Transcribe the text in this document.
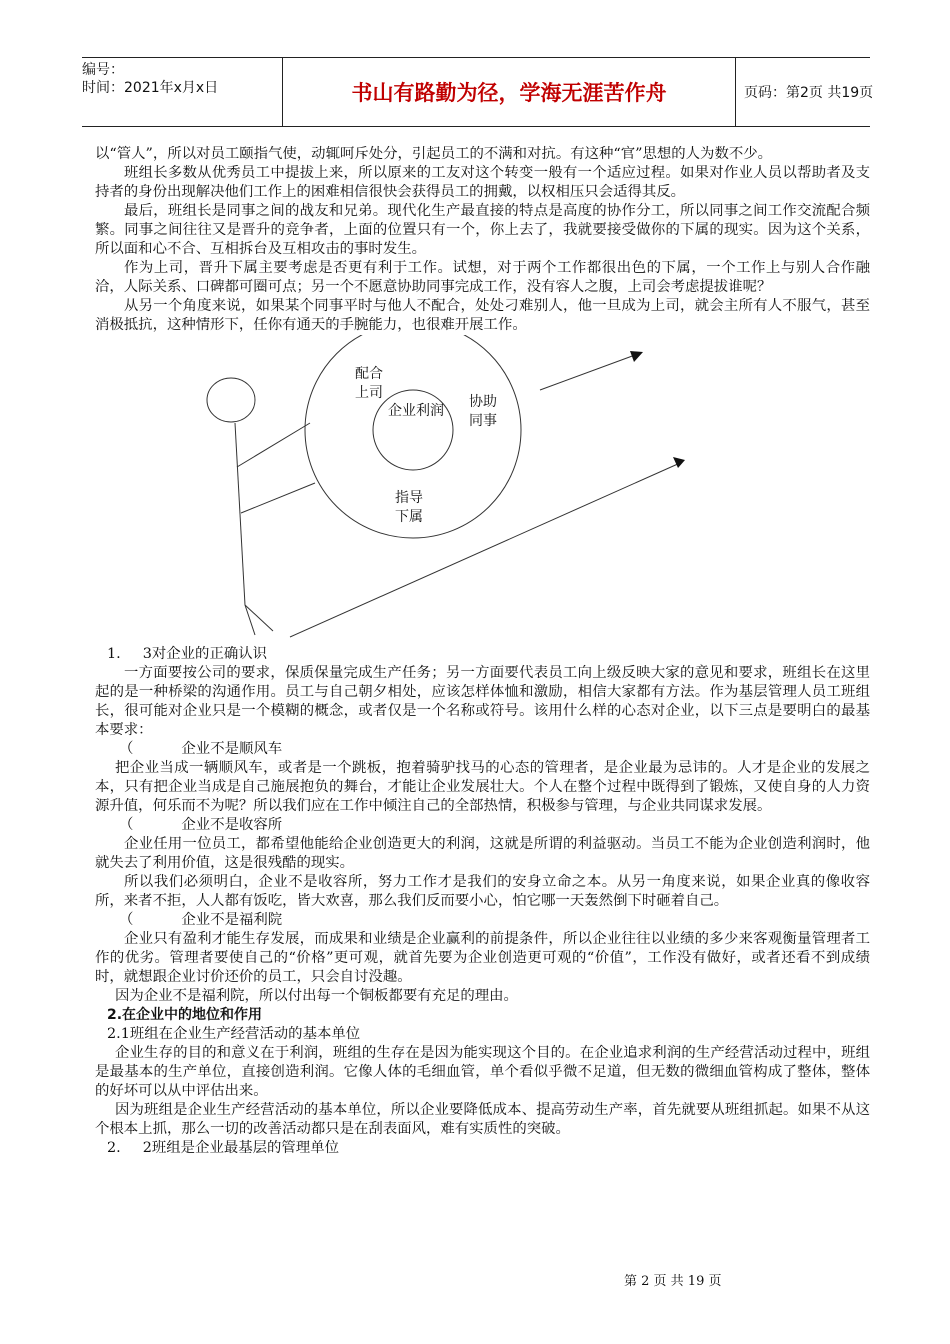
编号：
时间：2021年x月x日	书山有路勤为径，学海无涯苦作舟	页码：第2页 共19页

以“管人”，所以对员工颐指气使，动辄呵斥处分，引起员工的不满和对抗。有这种“官”思想的人为数不少。

班组长多数从优秀员工中提拔上来，所以原来的工友对这个转变一般有一个适应过程。如果对作业人员以帮助者及支持者的身份出现解决他们工作上的困难相信很快会获得员工的拥戴，以权相压只会适得其反。

最后，班组长是同事之间的战友和兄弟。现代化生产最直接的特点是高度的协作分工，所以同事之间工作交流配合频繁。同事之间往往又是晋升的竞争者，上面的位置只有一个，你上去了，我就要接受做你的下属的现实。因为这个关系，所以面和心不合、互相拆台及互相攻击的事时发生。

作为上司，晋升下属主要考虑是否更有利于工作。试想，对于两个工作都很出色的下属，一个工作上与别人合作融洽，人际关系、口碑都可圈可点；另一个不愿意协助同事完成工作，没有容人之腹，上司会考虑提拔谁呢？

从另一个角度来说，如果某个同事平时与他人不配合，处处刁难别人，他一旦成为上司，就会主所有人不服气，甚至消极抵抗，这种情形下，任你有通天的手腕能力，也很难开展工作。

配合
上司
企业利润
协助
同事
指导
下属

1. 3对企业的正确认识

一方面要按公司的要求，保质保量完成生产任务；另一方面要代表员工向上级反映大家的意见和要求，班组长在这里起的是一种桥梁的沟通作用。员工与自己朝夕相处，应该怎样体恤和激励，相信大家都有方法。作为基层管理人员工班组长，很可能对企业只是一个模糊的概念，或者仅是一个名称或符号。该用什么样的心态对企业，以下三点是要明白的最基本要求：

（	企业不是顺风车

把企业当成一辆顺风车，或者是一个跳板，抱着骑驴找马的心态的管理者，是企业最为忌讳的。人才是企业的发展之本，只有把企业当成是自己施展抱负的舞台，才能让企业发展壮大。个人在整个过程中既得到了锻炼，又使自身的人力资源升值，何乐而不为呢？所以我们应在工作中倾注自己的全部热情，积极参与管理，与企业共同谋求发展。

（	企业不是收容所

企业任用一位员工，都希望他能给企业创造更大的利润，这就是所谓的利益驱动。当员工不能为企业创造利润时，他就失去了利用价值，这是很残酷的现实。

所以我们必须明白，企业不是收容所，努力工作才是我们的安身立命之本。从另一角度来说，如果企业真的像收容所，来者不拒，人人都有饭吃，皆大欢喜，那么我们反而要小心，怕它哪一天轰然倒下时砸着自己。

（	企业不是福利院

企业只有盈利才能生存发展，而成果和业绩是企业赢利的前提条件，所以企业往往以业绩的多少来客观衡量管理者工作的优劣。管理者要使自己的“价格”更可观，就首先要为企业创造更可观的“价值”，工作没有做好，或者还看不到成绩时，就想跟企业讨价还价的员工，只会自讨没趣。

因为企业不是福利院，所以付出每一个铜板都要有充足的理由。

2.在企业中的地位和作用

2.1班组在企业生产经营活动的基本单位

企业生存的目的和意义在于利润，班组的生存在是因为能实现这个目的。在企业追求利润的生产经营活动过程中，班组是最基本的生产单位，直接创造利润。它像人体的毛细血管，单个看似乎微不足道，但无数的微细血管构成了整体，整体的好坏可以从中评估出来。

因为班组是企业生产经营活动的基本单位，所以企业要降低成本、提高劳动生产率，首先就要从班组抓起。如果不从这个根本上抓，那么一切的改善活动都只是在刮表面风，难有实质性的突破。

2. 2班组是企业最基层的管理单位

第 2 页 共 19 页
